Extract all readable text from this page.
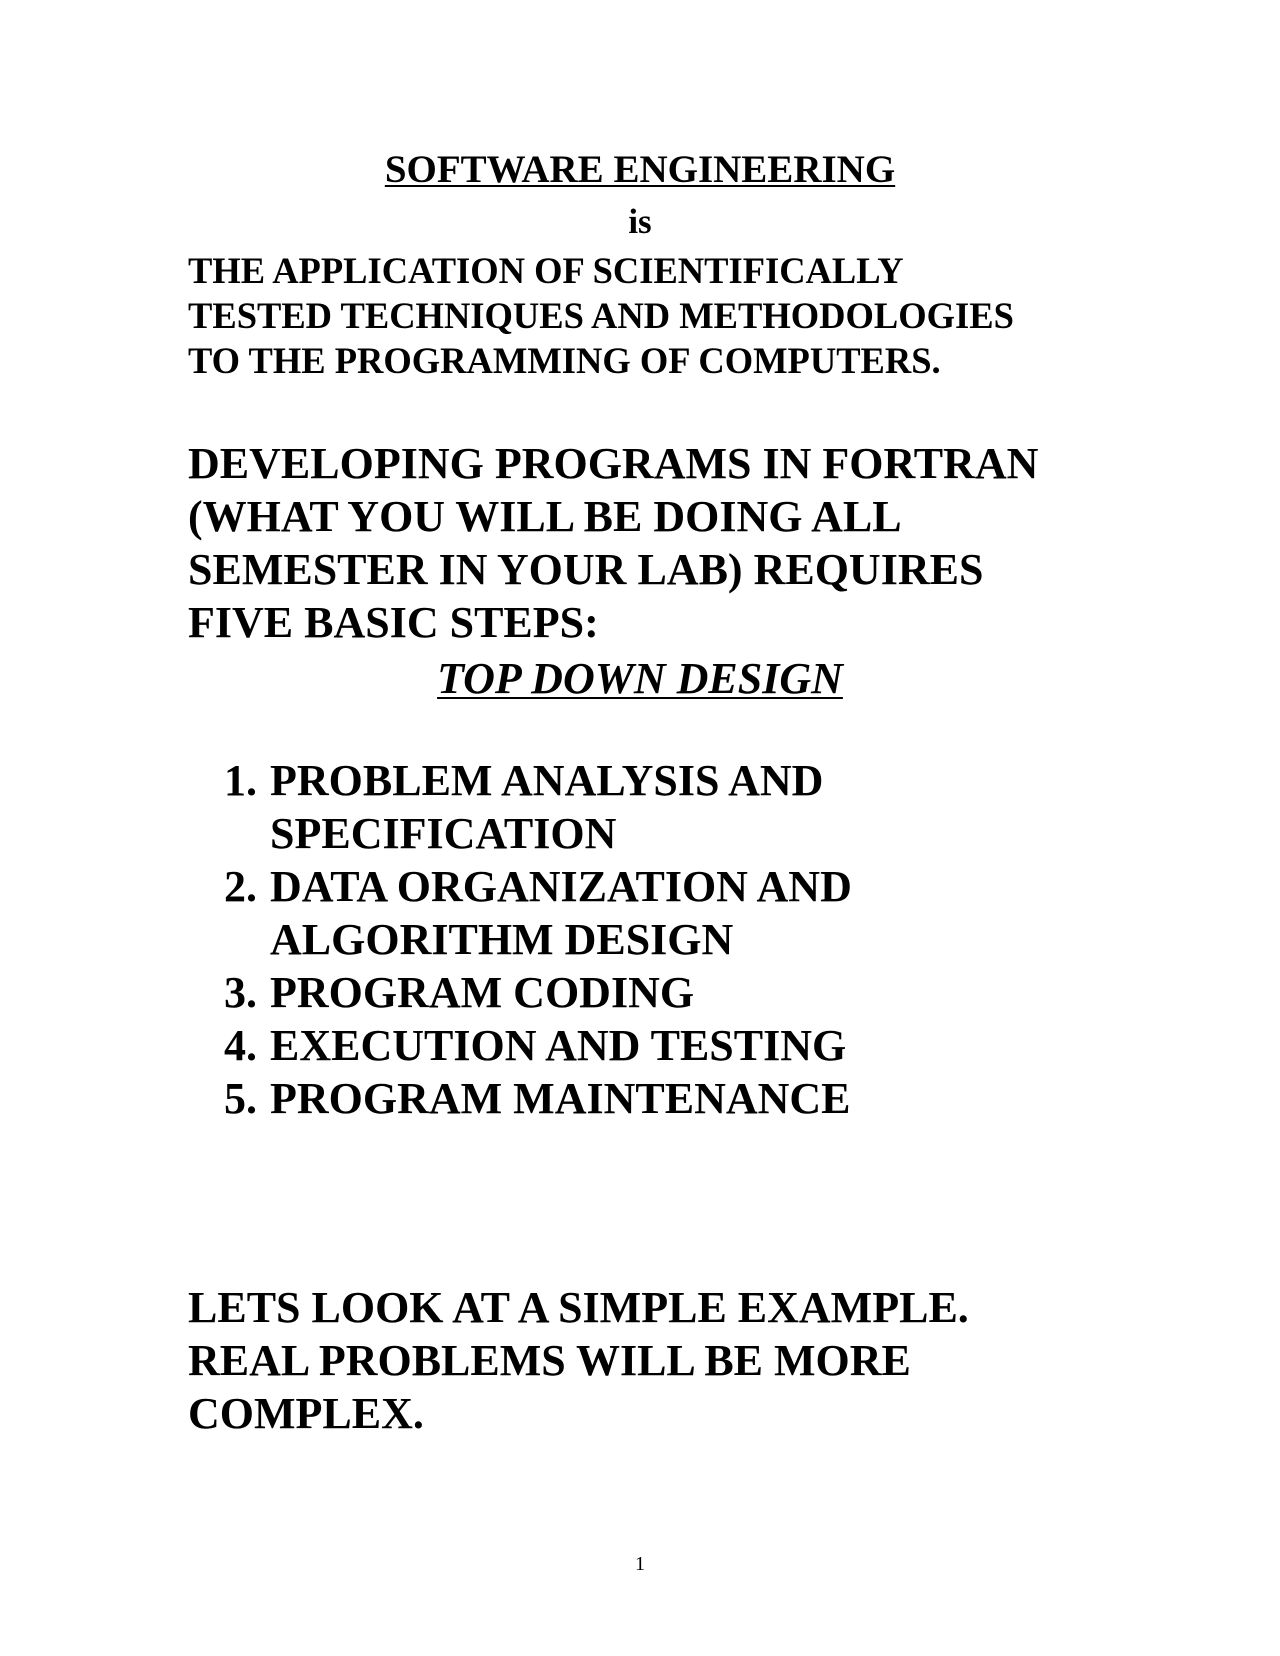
SOFTWARE ENGINEERING
is
THE APPLICATION OF SCIENTIFICALLY
TESTED TECHNIQUES AND METHODOLOGIES
TO THE PROGRAMMING OF COMPUTERS.
DEVELOPING PROGRAMS IN FORTRAN
(WHAT YOU WILL BE DOING ALL
SEMESTER IN YOUR LAB) REQUIRES
FIVE BASIC STEPS:
TOP DOWN DESIGN
1. PROBLEM ANALYSIS AND
SPECIFICATION
2. DATA ORGANIZATION AND
ALGORITHM DESIGN
3. PROGRAM CODING
4. EXECUTION AND TESTING
5. PROGRAM MAINTENANCE
LETS LOOK AT A SIMPLE EXAMPLE.
REAL PROBLEMS WILL BE MORE
COMPLEX.
1
